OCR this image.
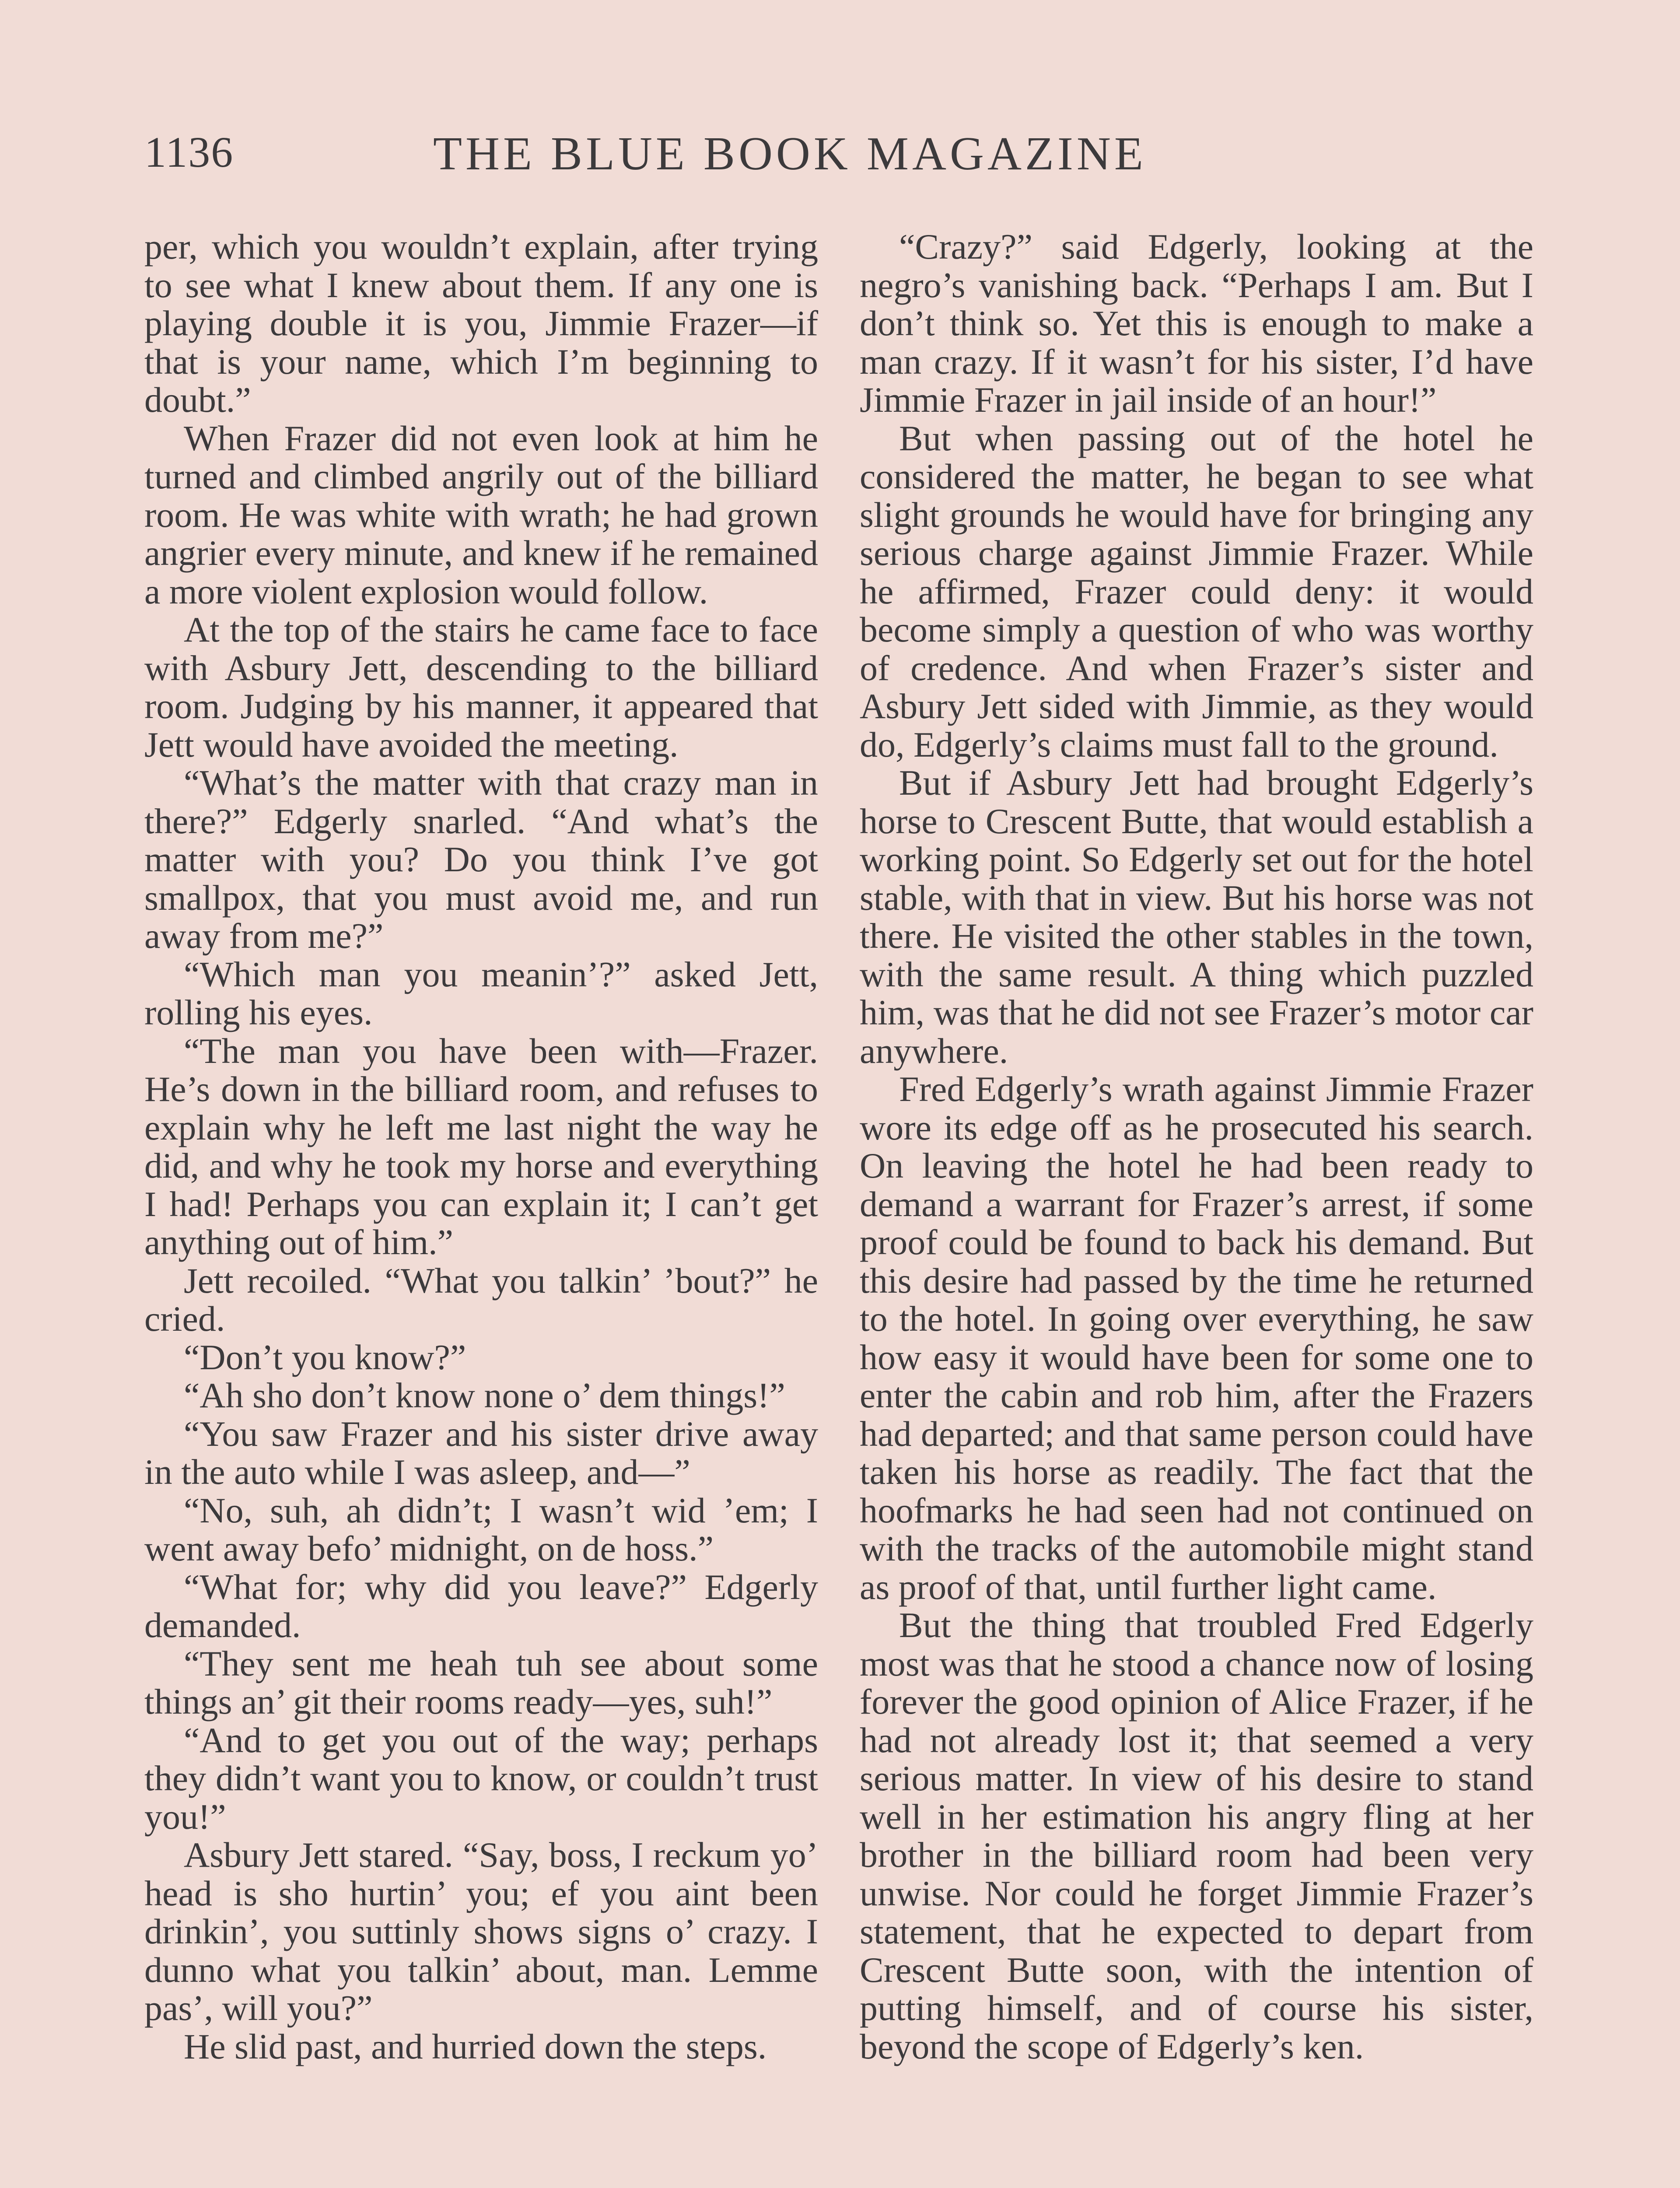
1136	THE BLUE BOOK MAGAZINE

per, which you wouldn’t explain, after trying to see what I knew about them. If any one is playing double it is you, Jimmie Frazer—if that is your name, which I’m beginning to doubt.”

When Frazer did not even look at him he turned and climbed angrily out of the billiard room. He was white with wrath; he had grown angrier every minute, and knew if he remained a more violent explosion would follow.

At the top of the stairs he came face to face with Asbury Jett, descending to the billiard room. Judging by his manner, it appeared that Jett would have avoided the meeting.

“What’s the matter with that crazy man in there?” Edgerly snarled. “And what’s the matter with you? Do you think I’ve got smallpox, that you must avoid me, and run away from me?”

“Which man you meanin’?” asked Jett, rolling his eyes.

“The man you have been with—Frazer. He’s down in the billiard room, and refuses to explain why he left me last night the way he did, and why he took my horse and everything I had! Perhaps you can explain it; I can’t get anything out of him.”

Jett recoiled. “What you talkin’ ’bout?” he cried.

“Don’t you know?”

“Ah sho don’t know none o’ dem things!”

“You saw Frazer and his sister drive away in the auto while I was asleep, and—”

“No, suh, ah didn’t; I wasn’t wid ’em; I went away befo’ midnight, on de hoss.”

“What for; why did you leave?” Edgerly demanded.

“They sent me heah tuh see about some things an’ git their rooms ready—yes, suh!”

“And to get you out of the way; perhaps they didn’t want you to know, or couldn’t trust you!”

Asbury Jett stared. “Say, boss, I reckum yo’ head is sho hurtin’ you; ef you aint been drinkin’, you suttinly shows signs o’ crazy. I dunno what you talkin’ about, man. Lemme pas’, will you?”

He slid past, and hurried down the steps.

“Crazy?” said Edgerly, looking at the negro’s vanishing back. “Perhaps I am. But I don’t think so. Yet this is enough to make a man crazy. If it wasn’t for his sister, I’d have Jimmie Frazer in jail inside of an hour!”

But when passing out of the hotel he considered the matter, he began to see what slight grounds he would have for bringing any serious charge against Jimmie Frazer. While he affirmed, Frazer could deny: it would become simply a question of who was worthy of credence. And when Frazer’s sister and Asbury Jett sided with Jimmie, as they would do, Edgerly’s claims must fall to the ground.

But if Asbury Jett had brought Edgerly’s horse to Crescent Butte, that would establish a working point. So Edgerly set out for the hotel stable, with that in view. But his horse was not there. He visited the other stables in the town, with the same result. A thing which puzzled him, was that he did not see Frazer’s motor car anywhere.

Fred Edgerly’s wrath against Jimmie Frazer wore its edge off as he prosecuted his search. On leaving the hotel he had been ready to demand a warrant for Frazer’s arrest, if some proof could be found to back his demand. But this desire had passed by the time he returned to the hotel. In going over everything, he saw how easy it would have been for some one to enter the cabin and rob him, after the Frazers had departed; and that same person could have taken his horse as readily. The fact that the hoofmarks he had seen had not continued on with the tracks of the automobile might stand as proof of that, until further light came.

But the thing that troubled Fred Edgerly most was that he stood a chance now of losing forever the good opinion of Alice Frazer, if he had not already lost it; that seemed a very serious matter. In view of his desire to stand well in her estimation his angry fling at her brother in the billiard room had been very unwise. Nor could he forget Jimmie Frazer’s statement, that he expected to depart from Crescent Butte soon, with the intention of putting himself, and of course his sister, beyond the scope of Edgerly’s ken.
